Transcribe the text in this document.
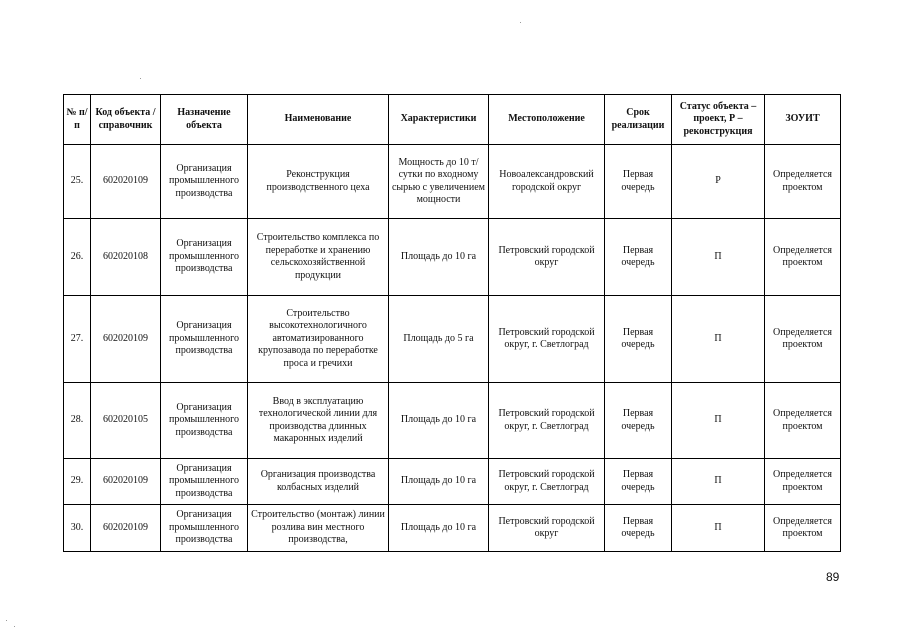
№ п/п	Код объекта / справочник	Назначение объекта	Наименование	Характеристики	Местоположение	Срок реализации	Статус объекта – проект, Р – реконструкция	ЗОУИТ
25.	602020109	Организация промышленного производства	Реконструкция производственного цеха	Мощность до 10 т/сутки по входному сырью с увеличением мощности	Новоалександровский городской округ	Первая очередь	Р	Определяется проектом
26.	602020108	Организация промышленного производства	Строительство комплекса по переработке и хранению сельскохозяйственной продукции	Площадь до 10 га	Петровский городской округ	Первая очередь	П	Определяется проектом
27.	602020109	Организация промышленного производства	Строительство высокотехнологичного автоматизированного крупозавода по переработке проса и гречихи	Площадь до 5 га	Петровский городской округ, г. Светлоград	Первая очередь	П	Определяется проектом
28.	602020105	Организация промышленного производства	Ввод в эксплуатацию технологической линии для производства длинных макаронных изделий	Площадь до 10 га	Петровский городской округ, г. Светлоград	Первая очередь	П	Определяется проектом
29.	602020109	Организация промышленного производства	Организация производства колбасных изделий	Площадь до 10 га	Петровский городской округ, г. Светлоград	Первая очередь	П	Определяется проектом
30.	602020109	Организация промышленного производства	Строительство (монтаж) линии розлива вин местного производства,	Площадь до 10 га	Петровский городской округ	Первая очередь	П	Определяется проектом
89
